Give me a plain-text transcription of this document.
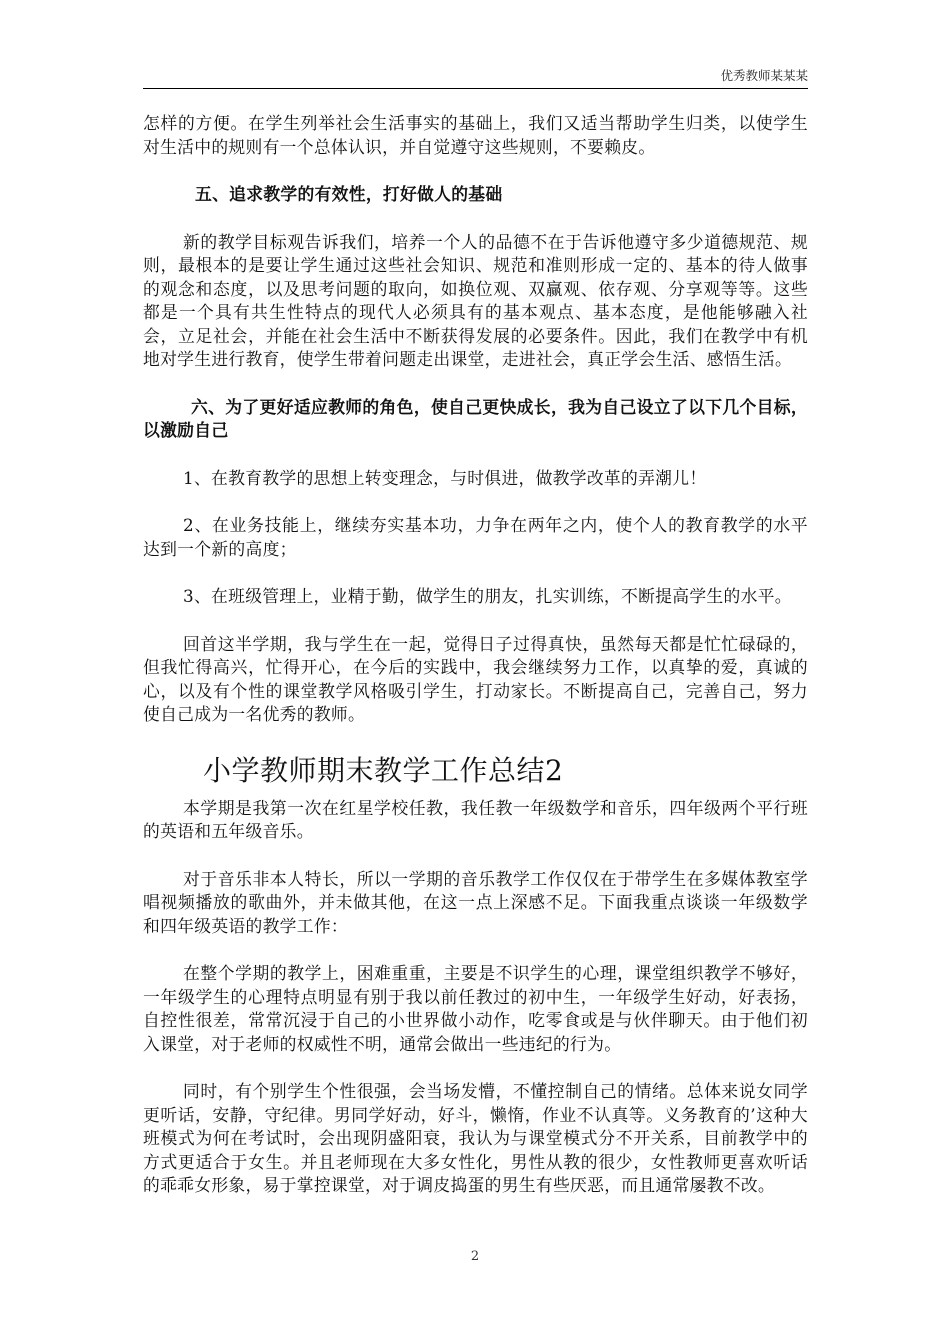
优秀教师某某某

怎样的方便。在学生列举社会生活事实的基础上，我们又适当帮助学生归类，以使学生对生活中的规则有一个总体认识，并自觉遵守这些规则，不要赖皮。

五、追求教学的有效性，打好做人的基础

新的教学目标观告诉我们，培养一个人的品德不在于告诉他遵守多少道德规范、规则，最根本的是要让学生通过这些社会知识、规范和准则形成一定的、基本的待人做事的观念和态度，以及思考问题的取向，如换位观、双赢观、依存观、分享观等等。这些都是一个具有共生性特点的现代人必须具有的基本观点、基本态度，是他能够融入社会，立足社会，并能在社会生活中不断获得发展的必要条件。因此，我们在教学中有机地对学生进行教育，使学生带着问题走出课堂，走进社会，真正学会生活、感悟生活。

六、为了更好适应教师的角色，使自己更快成长，我为自己设立了以下几个目标，以激励自己

1、在教育教学的思想上转变理念，与时俱进，做教学改革的弄潮儿！

2、在业务技能上，继续夯实基本功，力争在两年之内，使个人的教育教学的水平达到一个新的高度；

3、在班级管理上，业精于勤，做学生的朋友，扎实训练，不断提高学生的水平。

回首这半学期，我与学生在一起，觉得日子过得真快，虽然每天都是忙忙碌碌的，但我忙得高兴，忙得开心，在今后的实践中，我会继续努力工作，以真挚的爱，真诚的心，以及有个性的课堂教学风格吸引学生，打动家长。不断提高自己，完善自己，努力使自己成为一名优秀的教师。

小学教师期末教学工作总结2

本学期是我第一次在红星学校任教，我任教一年级数学和音乐，四年级两个平行班的英语和五年级音乐。

对于音乐非本人特长，所以一学期的音乐教学工作仅仅在于带学生在多媒体教室学唱视频播放的歌曲外，并未做其他，在这一点上深感不足。下面我重点谈谈一年级数学和四年级英语的教学工作：

在整个学期的教学上，困难重重，主要是不识学生的心理，课堂组织教学不够好，一年级学生的心理特点明显有别于我以前任教过的初中生，一年级学生好动，好表扬，自控性很差，常常沉浸于自己的小世界做小动作，吃零食或是与伙伴聊天。由于他们初入课堂，对于老师的权威性不明，通常会做出一些违纪的行为。

同时，有个别学生个性很强，会当场发懵，不懂控制自己的情绪。总体来说女同学更听话，安静，守纪律。男同学好动，好斗，懒惰，作业不认真等。义务教育的’这种大班模式为何在考试时，会出现阴盛阳衰，我认为与课堂模式分不开关系，目前教学中的方式更适合于女生。并且老师现在大多女性化，男性从教的很少，女性教师更喜欢听话的乖乖女形象，易于掌控课堂，对于调皮捣蛋的男生有些厌恶，而且通常屡教不改。

2
